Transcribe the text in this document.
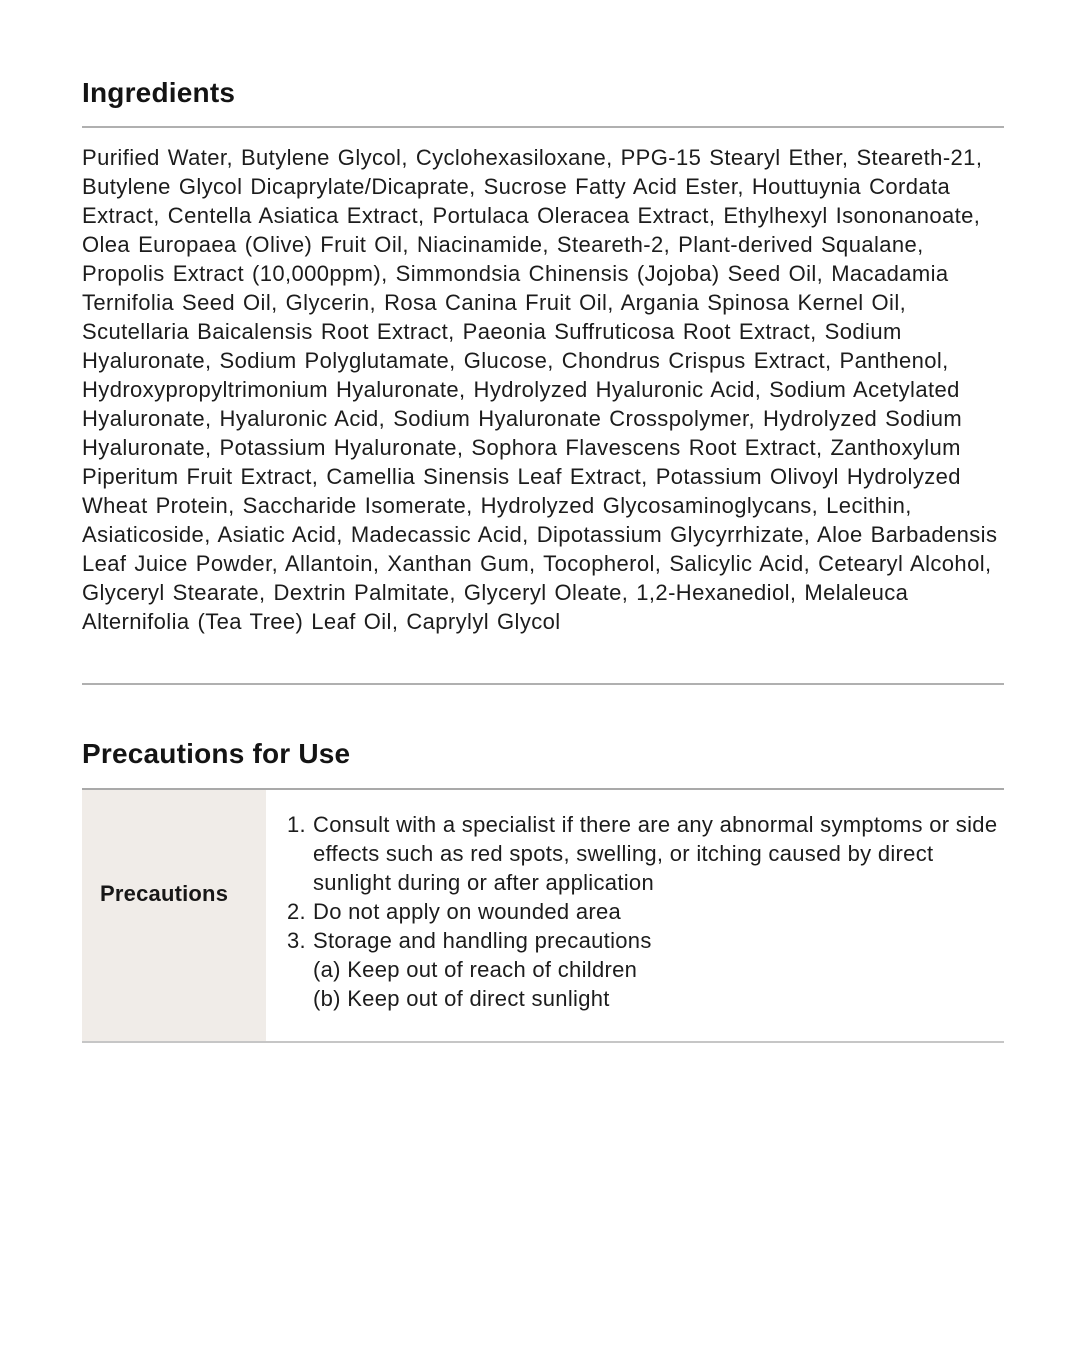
Ingredients

Purified Water, Butylene Glycol, Cyclohexasiloxane, PPG-15 Stearyl Ether, Steareth-21, Butylene Glycol Dicaprylate/Dicaprate, Sucrose Fatty Acid Ester, Houttuynia Cordata Extract, Centella Asiatica Extract, Portulaca Oleracea Extract, Ethylhexyl Isononanoate, Olea Europaea (Olive) Fruit Oil, Niacinamide, Steareth-2, Plant-derived Squalane, Propolis Extract (10,000ppm), Simmondsia Chinensis (Jojoba) Seed Oil, Macadamia Ternifolia Seed Oil, Glycerin, Rosa Canina Fruit Oil, Argania Spinosa Kernel Oil, Scutellaria Baicalensis Root Extract, Paeonia Suffruticosa Root Extract, Sodium Hyaluronate, Sodium Polyglutamate, Glucose, Chondrus Crispus Extract, Panthenol, Hydroxypropyltrimonium Hyaluronate, Hydrolyzed Hyaluronic Acid, Sodium Acetylated Hyaluronate, Hyaluronic Acid, Sodium Hyaluronate Crosspolymer, Hydrolyzed Sodium Hyaluronate, Potassium Hyaluronate, Sophora Flavescens Root Extract, Zanthoxylum Piperitum Fruit Extract, Camellia Sinensis Leaf Extract, Potassium Olivoyl Hydrolyzed Wheat Protein, Saccharide Isomerate, Hydrolyzed Glycosaminoglycans, Lecithin, Asiaticoside, Asiatic Acid, Madecassic Acid, Dipotassium Glycyrrhizate, Aloe Barbadensis Leaf Juice Powder, Allantoin, Xanthan Gum, Tocopherol, Salicylic Acid, Cetearyl Alcohol, Glyceryl Stearate, Dextrin Palmitate, Glyceryl Oleate, 1,2-Hexanediol, Melaleuca Alternifolia (Tea Tree) Leaf Oil, Caprylyl Glycol

Precautions for Use
Precautions
1. Consult with a specialist if there are any abnormal symptoms or side effects such as red spots, swelling, or itching caused by direct sunlight during or after application
2. Do not apply on wounded area
3. Storage and handling precautions
(a) Keep out of reach of children
(b) Keep out of direct sunlight
